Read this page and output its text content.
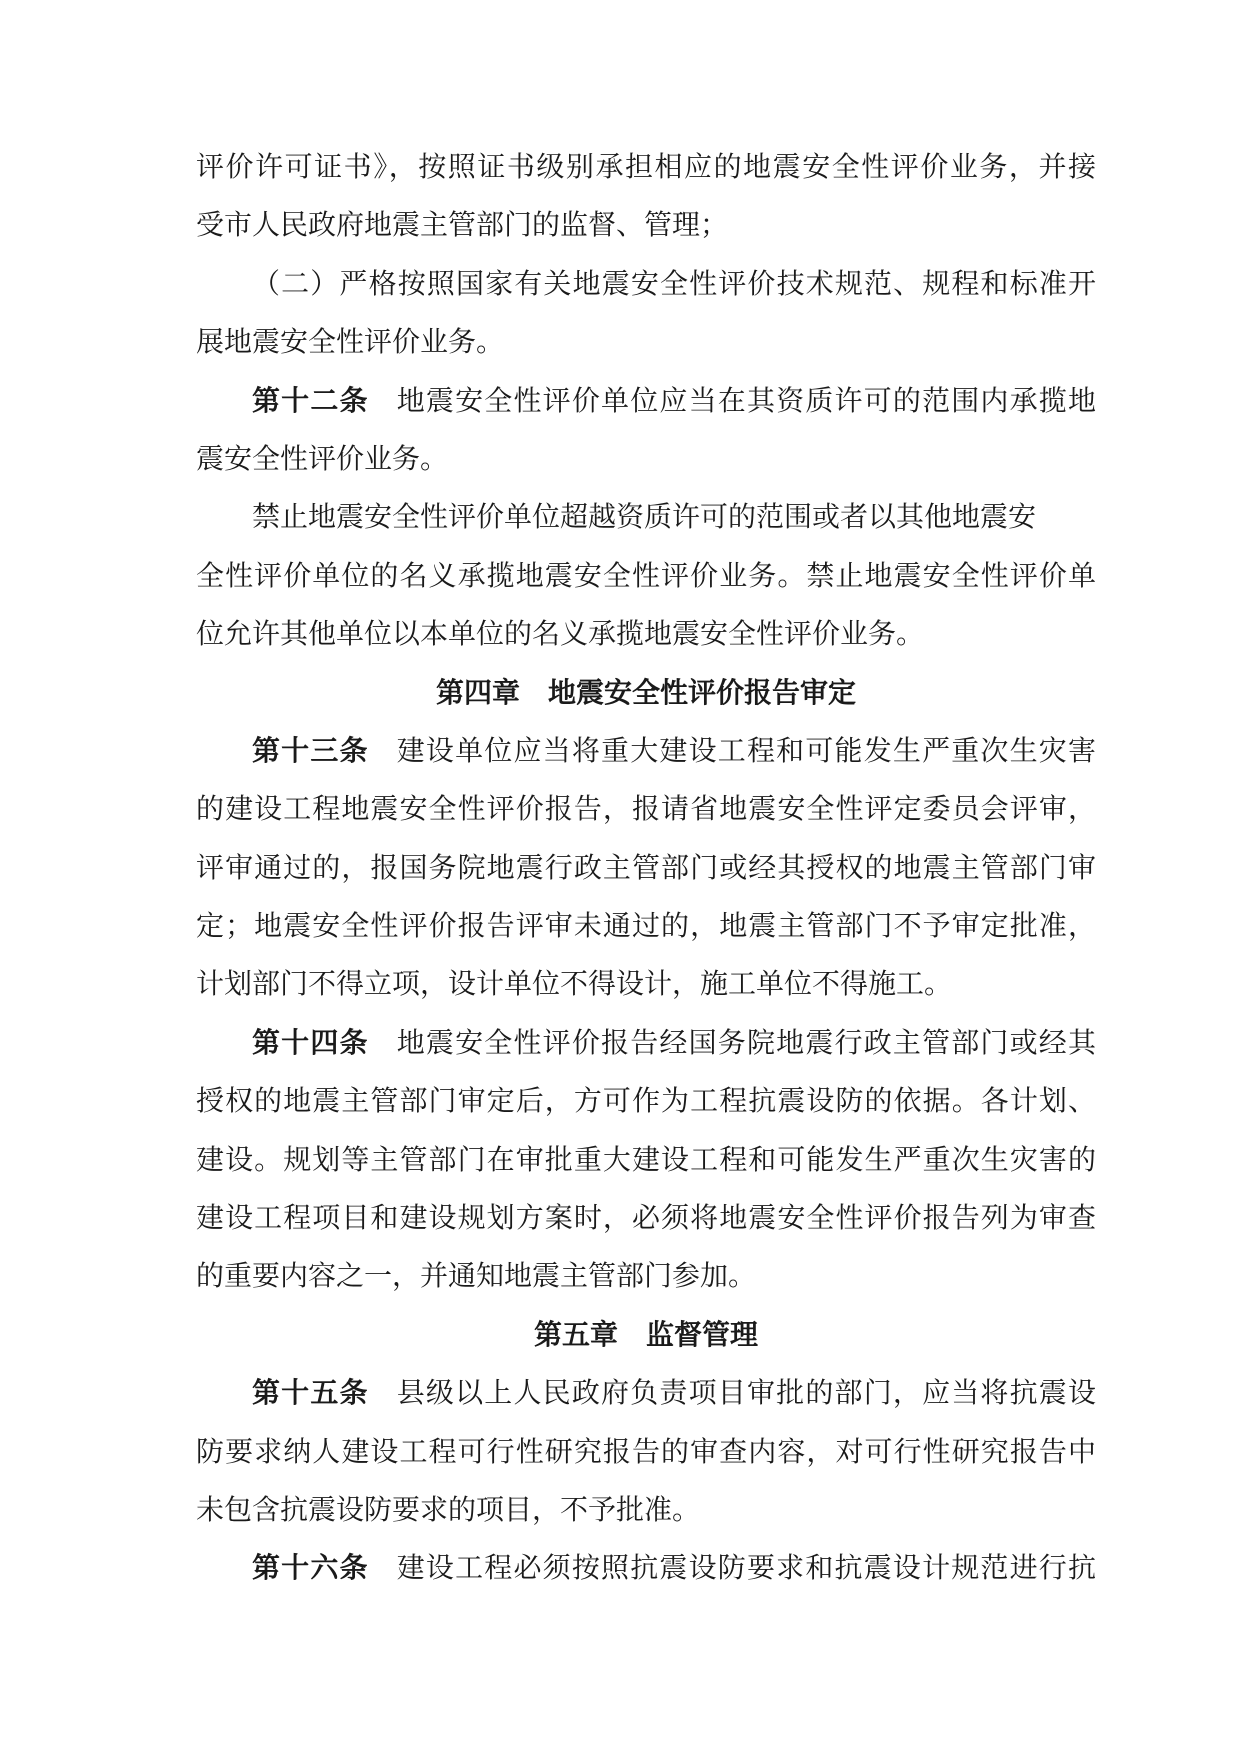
评价许可证书》，按照证书级别承担相应的地震安全性评价业务，并接
受市人民政府地震主管部门的监督、管理；
（二）严格按照国家有关地震安全性评价技术规范、规程和标准开
展地震安全性评价业务。
第十二条 地震安全性评价单位应当在其资质许可的范围内承揽地
震安全性评价业务。
禁止地震安全性评价单位超越资质许可的范围或者以其他地震安
全性评价单位的名义承揽地震安全性评价业务。禁止地震安全性评价单
位允许其他单位以本单位的名义承揽地震安全性评价业务。
第四章 地震安全性评价报告审定
第十三条 建设单位应当将重大建设工程和可能发生严重次生灾害
的建设工程地震安全性评价报告，报请省地震安全性评定委员会评审，
评审通过的，报国务院地震行政主管部门或经其授权的地震主管部门审
定；地震安全性评价报告评审未通过的，地震主管部门不予审定批准，
计划部门不得立项，设计单位不得设计，施工单位不得施工。
第十四条 地震安全性评价报告经国务院地震行政主管部门或经其
授权的地震主管部门审定后，方可作为工程抗震设防的依据。各计划、
建设。规划等主管部门在审批重大建设工程和可能发生严重次生灾害的
建设工程项目和建设规划方案时，必须将地震安全性评价报告列为审查
的重要内容之一，并通知地震主管部门参加。
第五章 监督管理
第十五条 县级以上人民政府负责项目审批的部门，应当将抗震设
防要求纳人建设工程可行性研究报告的审查内容，对可行性研究报告中
未包含抗震设防要求的项目，不予批准。
第十六条 建设工程必须按照抗震设防要求和抗震设计规范进行抗
